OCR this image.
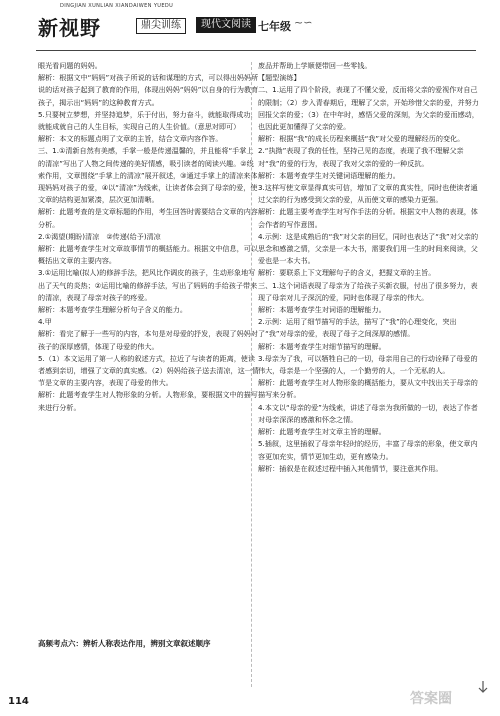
DINGJIAN XUNLIAN XIANDAIWEN YUEDU
新视野	鼎尖训练	现代文阅读 七年级 ~∽

眼光看问题的妈妈。

解析：根据文中“妈妈”对孩子所说的话和谋理的方式，可以得出妈妈所说的话对孩子起到了教育的作用，体现出妈妈“妈妈”以自身的行为教育孩子，揭示出“妈妈”的这种教育方式。

5.只要树立梦想，并坚持追梦，乐于付出，努力奋斗，就能取得成功，就能成就自己的人生目标，实现自己的人生价值。（意思对即可）

解析：本文的标题点明了文章的主旨，结合文章内容作答。

三、1.①清新自然有美感，手掌一般是传递温馨的，并且能将“手掌上的清凉”写出了人物之间传递的美好情感，吸引读者的阅读兴趣。②线索作用，文章围绕“手掌上的清凉”展开叙述，③通过手掌上的清凉来体现妈妈对孩子的爱，④以“清凉”为线索，让读者体会到了母亲的爱，使文章的结构更加紧凑，层次更加清晰。

解析：此题考查的是文章标题的作用，考生回答时需要结合文章的内容分析。

2.①渴望(期盼)清凉　②传递(给予)清凉

解析：此题考查学生对文章故事情节的概括能力。根据文中信息，可以概括出文章的主要内容。

3.①运用比喻(拟人)的修辞手法，把风比作调皮的孩子，生动形象地写出了天气的炎热；②运用比喻的修辞手法，写出了妈妈的手给孩子带来的清凉，表现了母亲对孩子的疼爱。

解析：本题考查学生理解分析句子含义的能力。

4.甲

解析：看完了解于一些写的内容，本句是对母爱的抒发，表现了妈妈对孩子的深厚感情，体现了母爱的伟大。

5.（1）本文运用了第一人称的叙述方式，拉近了与读者的距离，使读者感到亲切，增强了文章的真实感。（2）妈妈给孩子送去清凉，这一情节是文章的主要内容，表现了母爱的伟大。

解析：此题考查学生对人物形象的分析。人物形象，要根据文中的描写来进行分析。

高频考点六：辨析人称表达作用，辨别文章叙述顺序

废品并帮助上学顺便带回一些零钱。

【题型演练】

二、1.运用了四个阶段，表现了不懂父爱，反而将父亲的爱视作对自己的限制；（2）步入青春期后，理解了父亲，开始珍惜父亲的爱，并努力回报父亲的爱；（3）在中年时，感悟父爱的深刻，为父亲的爱而感动，也因此更加懂得了父亲的爱。

解析：根据“我”的成长历程来概括“我”对父爱的理解经历的变化。

2.“执拗”表现了我的任性，坚持己见的态度，表现了我不理解父亲对“我”的爱的行为，表现了我对父亲的爱的一种反抗。

解析：本题考查学生对关键词语理解的能力。

3.这样写使文章显得真实可信，增加了文章的真实性，同时也使读者通过父亲的行为感受到父亲的爱，从而使文章的感染力更强。

解析：此题主要考查学生对写作手法的分析。根据文中人物的表现，体会作者的写作意图。

4.示例：这是成熟后的“我”对父亲的回忆，同时也表达了“我”对父亲的思念和感激之情，父亲是一本大书，需要我们用一生的时间来阅读，父爱也是一本大书。

解析：要联系上下文理解句子的含义，把握文章的主旨。

三、1.这个词语表现了母亲为了给孩子买新衣服，付出了很多努力，表现了母亲对儿子深沉的爱，同时也体现了母亲的伟大。

解析：本题考查学生对词语的理解能力。

2.示例：运用了细节描写的手法，描写了“我”的心理变化，突出了“我”对母亲的爱，表现了母子之间深厚的感情。

解析：本题考查学生对细节描写的理解。

3.母亲为了我，可以牺牲自己的一切，母亲用自己的行动诠释了母爱的伟大，母亲是一个坚强的人，一个勤劳的人，一个无私的人。

解析：此题考查学生对人物形象的概括能力，要从文中找出关于母亲的描写来分析。

4.本文以“母亲的爱”为线索，讲述了母亲为我所做的一切，表达了作者对母亲深深的感激和怀念之情。

解析：此题考查学生对文章主旨的理解。

5.插叙，这里插叙了母亲年轻时的经历，丰富了母亲的形象，使文章内容更加充实，情节更加生动，更有感染力。

解析：插叙是在叙述过程中插入其他情节，要注意其作用。

114	答案圈
